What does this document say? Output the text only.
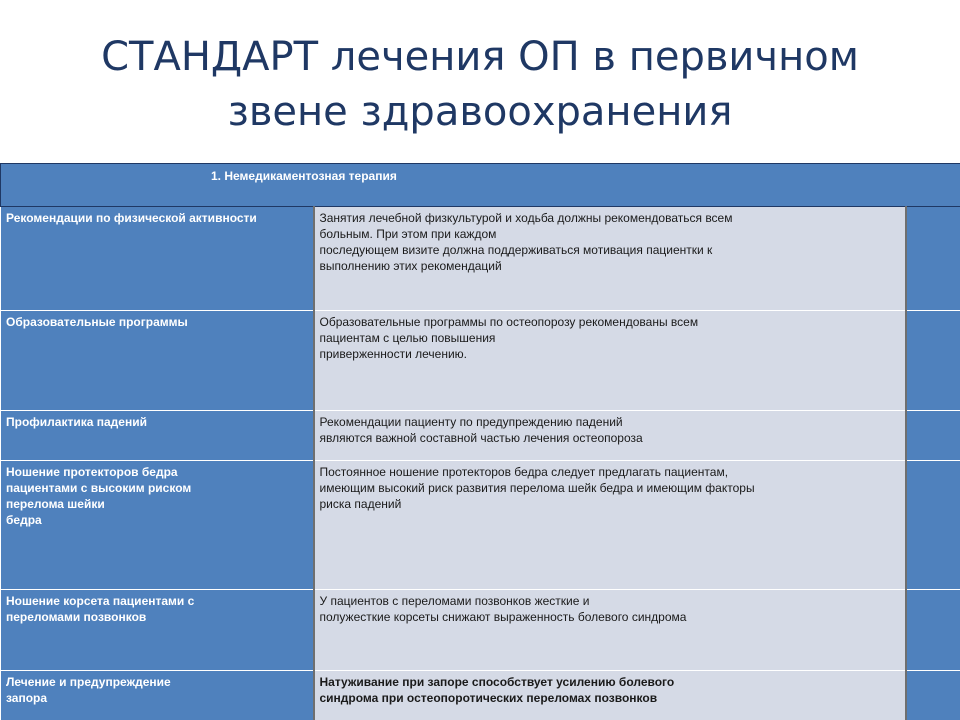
СТАНДАРТ лечения ОП в первичном
звене здравоохранения
1. Немедикаментозная терапия		

Рекомендации по физической активности	Занятия лечебной физкультурой и ходьба должны рекомендоваться всем
больным. При этом при каждом
последующем визите должна поддерживаться мотивация пациентки к
выполнению этих рекомендаций	

Образовательные программы	Образовательные программы по остеопорозу рекомендованы всем
пациентам с целью повышения
приверженности лечению.	

Профилактика падений	Рекомендации пациенту по предупреждению падений
являются важной составной частью лечения остеопороза	

Ношение протекторов бедра
пациентами с высоким риском
перелома шейки
бедра	Постоянное ношение протекторов бедра следует предлагать пациентам,
имеющим высокий риск развития перелома шейк бедра и имеющим факторы
риска падений	

Ношение корсета пациентами с
переломами позвонков	У пациентов с переломами позвонков жесткие и
полужесткие корсеты снижают выраженность болевого синдрома	

Лечение и предупреждение
запора	Натуживание при запоре способствует усилению болевого
синдрома при остеопоротических переломах позвонков	
